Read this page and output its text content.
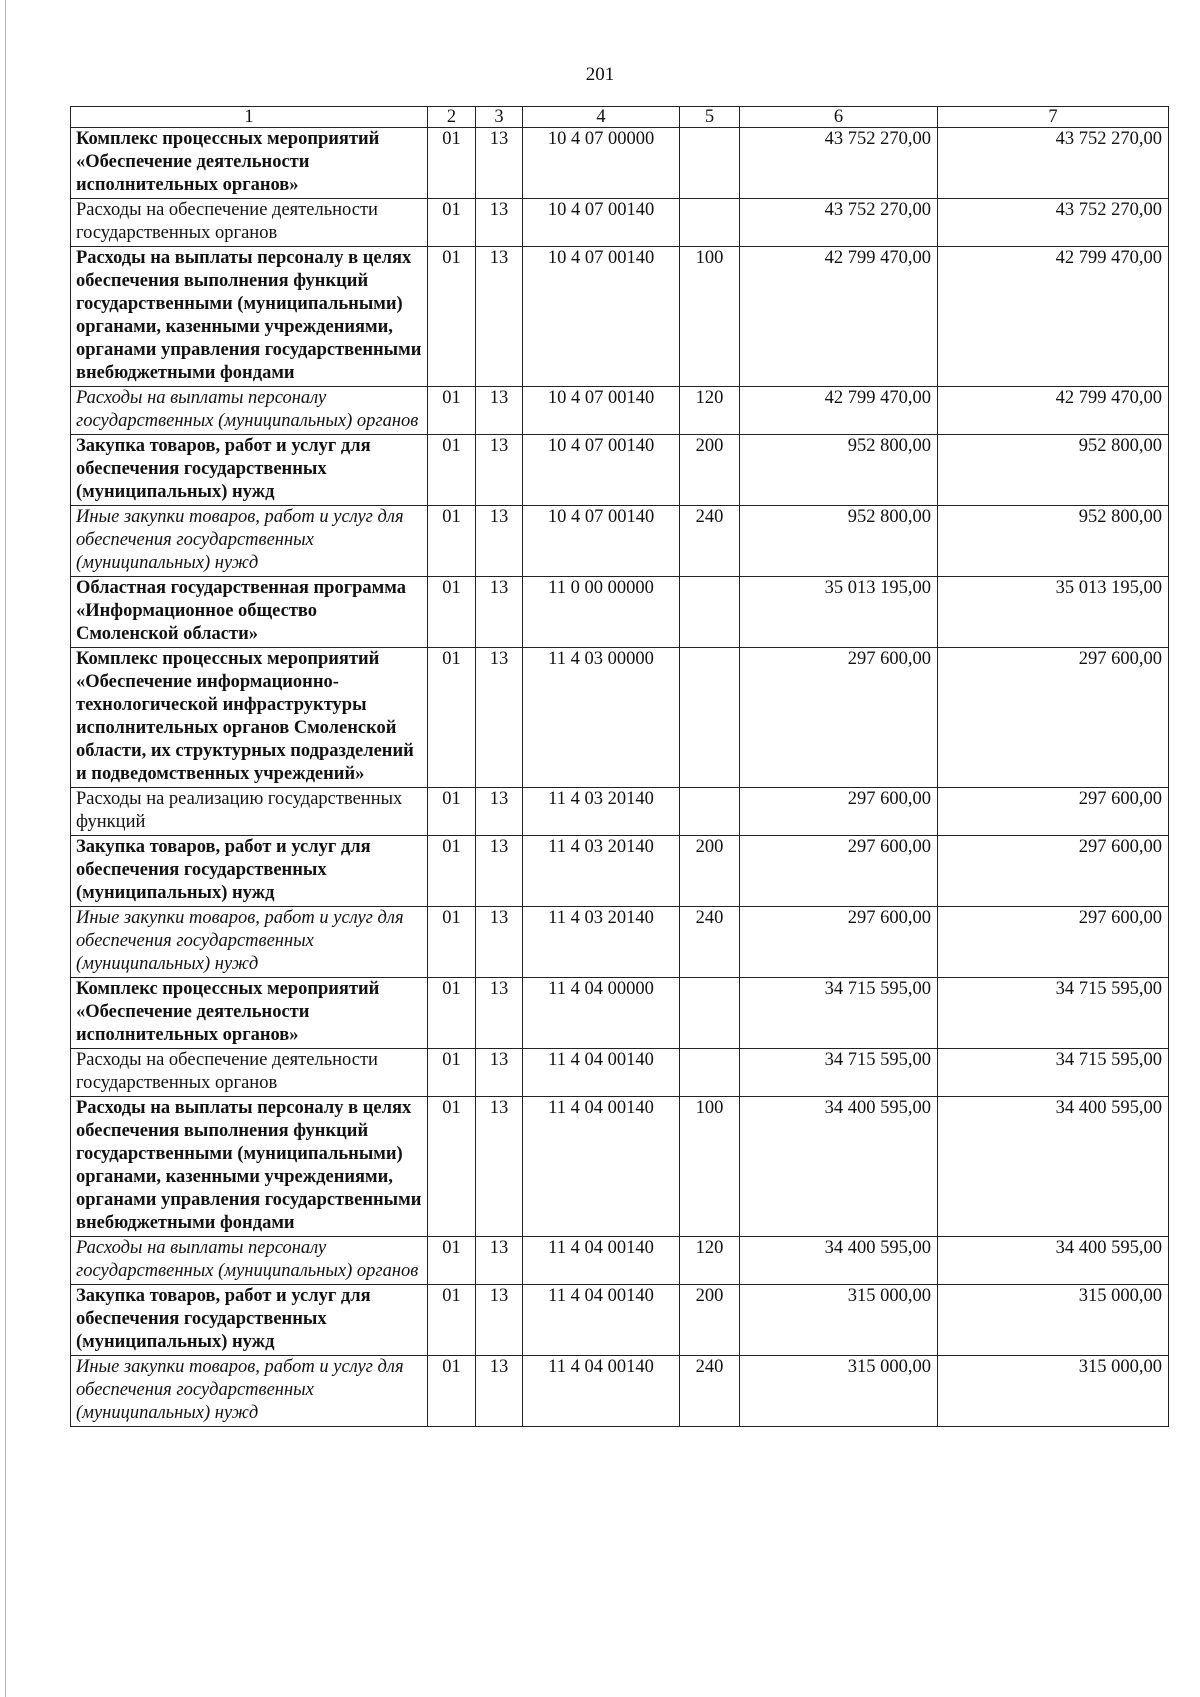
201
1	2	3	4	5	6	7
Комплекс процессных мероприятий «Обеспечение деятельности исполнительных органов»	01	13	10 4 07 00000		43 752 270,00	43 752 270,00
Расходы на обеспечение деятельности государственных органов	01	13	10 4 07 00140		43 752 270,00	43 752 270,00
Расходы на выплаты персоналу в целях обеспечения выполнения функций государственными (муниципальными) органами, казенными учреждениями, органами управления государственными внебюджетными фондами	01	13	10 4 07 00140	100	42 799 470,00	42 799 470,00
Расходы на выплаты персоналу государственных (муниципальных) органов	01	13	10 4 07 00140	120	42 799 470,00	42 799 470,00
Закупка товаров, работ и услуг для обеспечения государственных (муниципальных) нужд	01	13	10 4 07 00140	200	952 800,00	952 800,00
Иные закупки товаров, работ и услуг для обеспечения государственных (муниципальных) нужд	01	13	10 4 07 00140	240	952 800,00	952 800,00
Областная государственная программа «Информационное общество Смоленской области»	01	13	11 0 00 00000		35 013 195,00	35 013 195,00
Комплекс процессных мероприятий «Обеспечение информационно-технологической инфраструктуры исполнительных органов Смоленской области, их структурных подразделений и подведомственных учреждений»	01	13	11 4 03 00000		297 600,00	297 600,00
Расходы на реализацию государственных функций	01	13	11 4 03 20140		297 600,00	297 600,00
Закупка товаров, работ и услуг для обеспечения государственных (муниципальных) нужд	01	13	11 4 03 20140	200	297 600,00	297 600,00
Иные закупки товаров, работ и услуг для обеспечения государственных (муниципальных) нужд	01	13	11 4 03 20140	240	297 600,00	297 600,00
Комплекс процессных мероприятий «Обеспечение деятельности исполнительных органов»	01	13	11 4 04 00000		34 715 595,00	34 715 595,00
Расходы на обеспечение деятельности государственных органов	01	13	11 4 04 00140		34 715 595,00	34 715 595,00
Расходы на выплаты персоналу в целях обеспечения выполнения функций государственными (муниципальными) органами, казенными учреждениями, органами управления государственными внебюджетными фондами	01	13	11 4 04 00140	100	34 400 595,00	34 400 595,00
Расходы на выплаты персоналу государственных (муниципальных) органов	01	13	11 4 04 00140	120	34 400 595,00	34 400 595,00
Закупка товаров, работ и услуг для обеспечения государственных (муниципальных) нужд	01	13	11 4 04 00140	200	315 000,00	315 000,00
Иные закупки товаров, работ и услуг для обеспечения государственных (муниципальных) нужд	01	13	11 4 04 00140	240	315 000,00	315 000,00
